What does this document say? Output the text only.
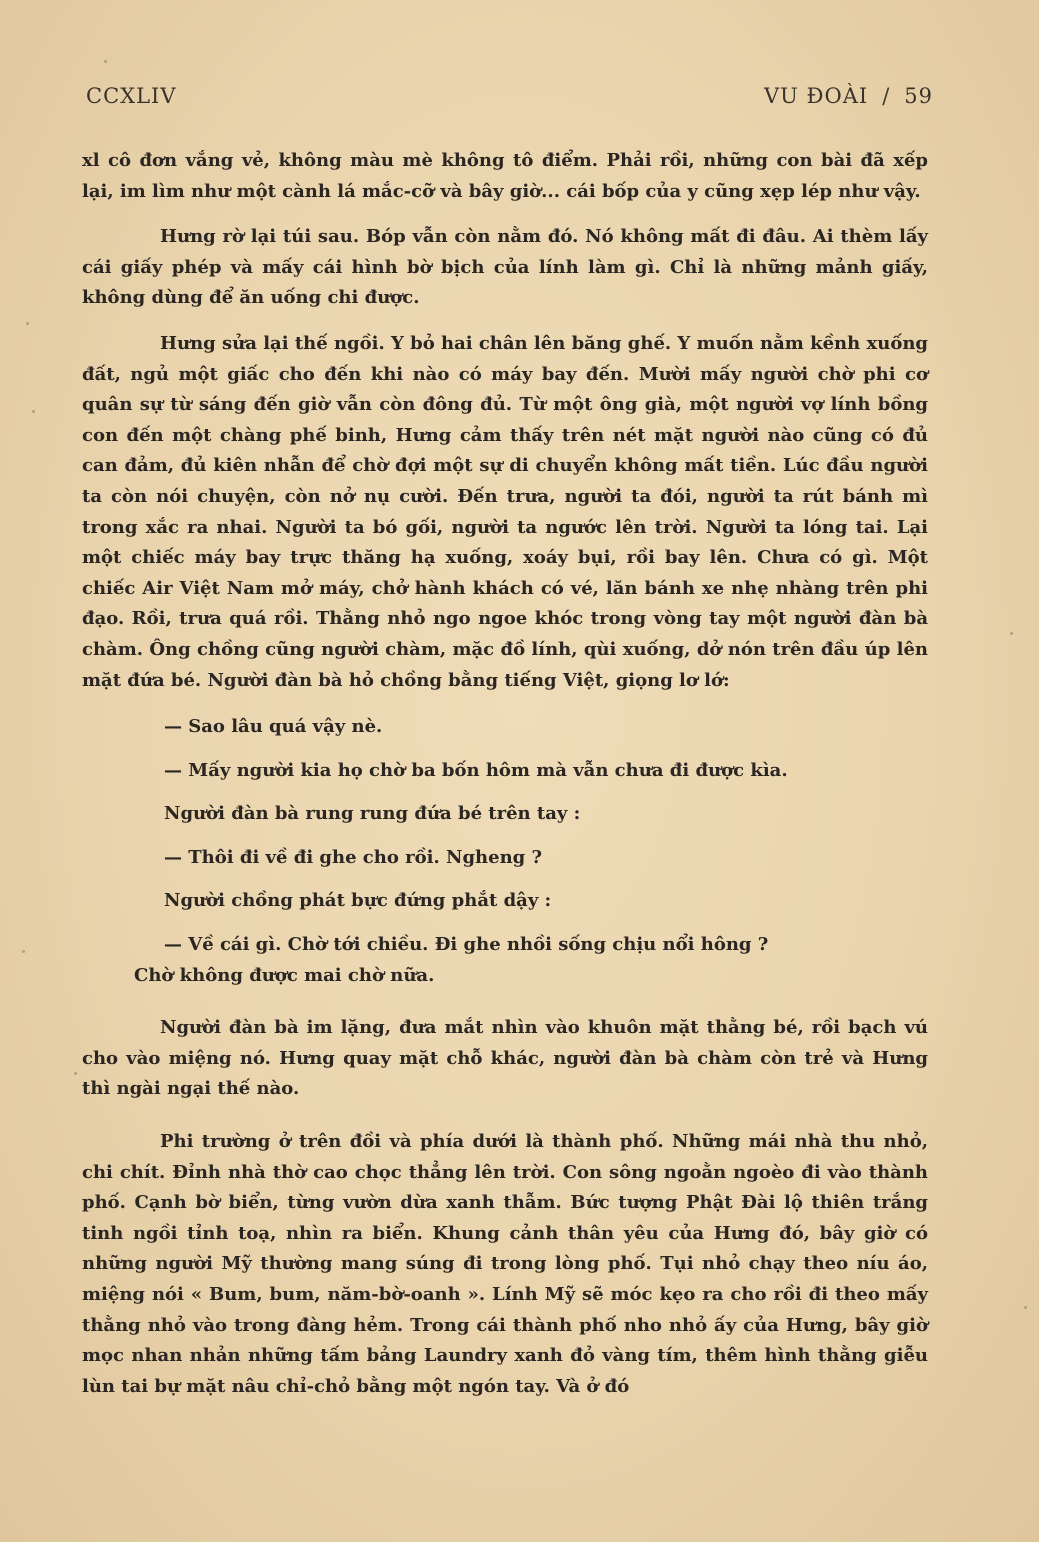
CCXLIV	VU ĐOÀI / 59

xl cô đơn vắng vẻ, không màu mè không tô điểm. Phải rồi, những con bài đã xếp lại, im lìm như một cành lá mắc-cỡ và bây giờ... cái bốp của y cũng xẹp lép như vậy.

Hưng rờ lại túi sau. Bóp vẫn còn nằm đó. Nó không mất đi đâu. Ai thèm lấy cái giấy phép và mấy cái hình bờ bịch của lính làm gì. Chỉ là những mảnh giấy, không dùng để ăn uống chi được.

Hưng sửa lại thế ngồi. Y bỏ hai chân lên băng ghế. Y muốn nằm kềnh xuống đất, ngủ một giấc cho đến khi nào có máy bay đến. Mười mấy người chờ phi cơ quân sự từ sáng đến giờ vẫn còn đông đủ. Từ một ông già, một người vợ lính bồng con đến một chàng phế binh, Hưng cảm thấy trên nét mặt người nào cũng có đủ can đảm, đủ kiên nhẫn để chờ đợi một sự di chuyển không mất tiền. Lúc đầu người ta còn nói chuyện, còn nở nụ cười. Đến trưa, người ta đói, người ta rút bánh mì trong xắc ra nhai. Người ta bó gối, người ta ngước lên trời. Người ta lóng tai. Lại một chiếc máy bay trực thăng hạ xuống, xoáy bụi, rồi bay lên. Chưa có gì. Một chiếc Air Việt Nam mở máy, chở hành khách có vé, lăn bánh xe nhẹ nhàng trên phi đạo. Rồi, trưa quá rồi. Thằng nhỏ ngo ngoe khóc trong vòng tay một người đàn bà chàm. Ông chồng cũng người chàm, mặc đồ lính, qùi xuống, dở nón trên đầu úp lên mặt đứa bé. Người đàn bà hỏ chồng bằng tiếng Việt, giọng lơ lớ:

— Sao lâu quá vậy nè.

— Mấy người kia họ chờ ba bốn hôm mà vẫn chưa đi được kìa.

Người đàn bà rung rung đứa bé trên tay :

— Thôi đi về đi ghe cho rồi. Ngheng ?

Người chồng phát bực đứng phắt dậy :

— Về cái gì. Chờ tới chiều. Đi ghe nhồi sống chịu nổi hông ?

Chờ không được mai chờ nữa.

Người đàn bà im lặng, đưa mắt nhìn vào khuôn mặt thằng bé, rồi bạch vú cho vào miệng nó. Hưng quay mặt chỗ khác, người đàn bà chàm còn trẻ và Hưng thì ngài ngại thế nào.

Phi trường ở trên đồi và phía dưới là thành phố. Những mái nhà thu nhỏ, chi chít. Đỉnh nhà thờ cao chọc thẳng lên trời. Con sông ngoằn ngoèo đi vào thành phố. Cạnh bờ biển, từng vườn dừa xanh thẫm. Bức tượng Phật Đài lộ thiên trắng tinh ngồi tỉnh toạ, nhìn ra biển. Khung cảnh thân yêu của Hưng đó, bây giờ có những người Mỹ thường mang súng đi trong lòng phố. Tụi nhỏ chạy theo níu áo, miệng nói « Bum, bum, năm-bờ-oanh ». Lính Mỹ sẽ móc kẹo ra cho rồi đi theo mấy thằng nhỏ vào trong đàng hẻm. Trong cái thành phố nho nhỏ ấy của Hưng, bây giờ mọc nhan nhản những tấm bảng Laundry xanh đỏ vàng tím, thêm hình thằng giễu lùn tai bự mặt nâu chỉ-chỏ bằng một ngón tay. Và ở đó
